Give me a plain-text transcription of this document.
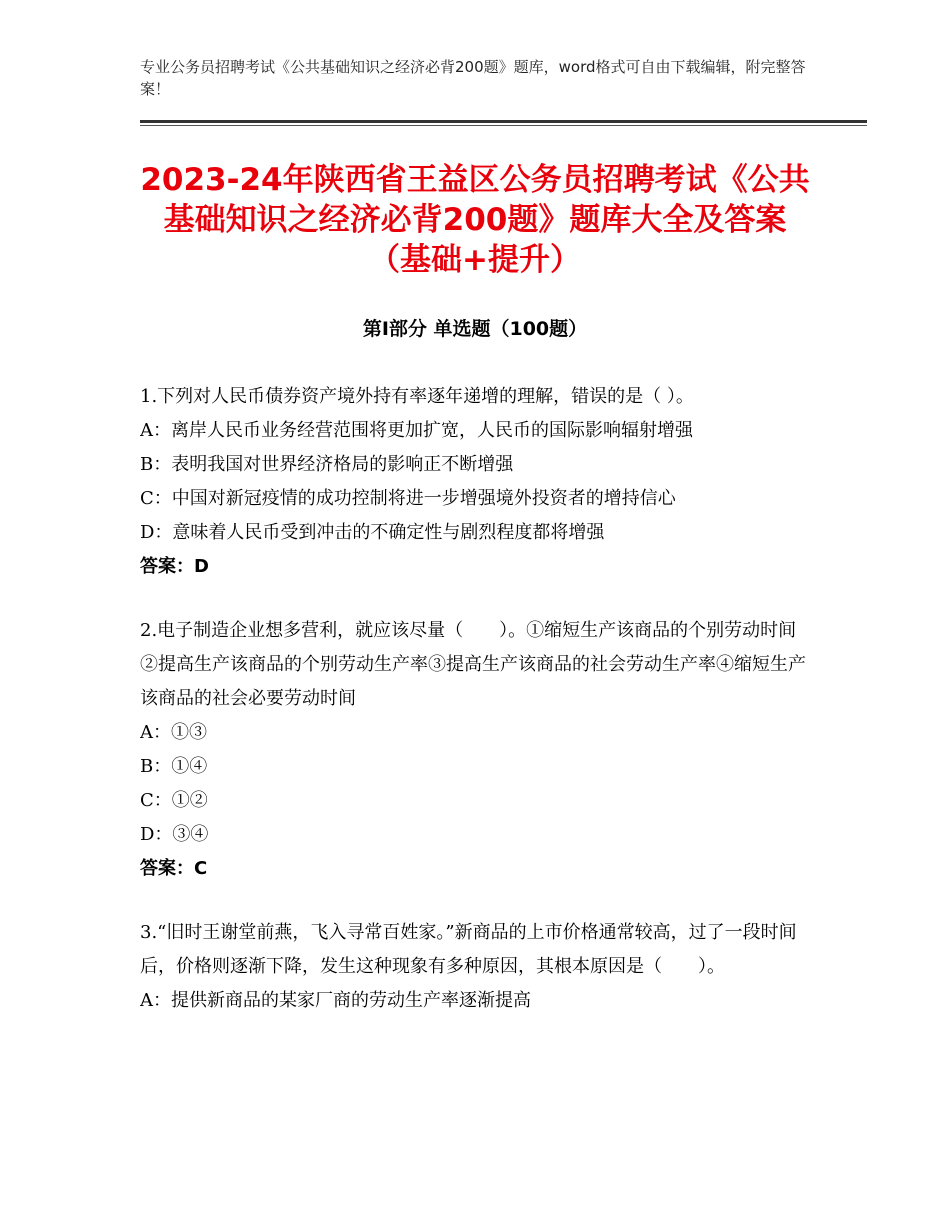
专业公务员招聘考试《公共基础知识之经济必背200题》题库，word格式可自由下载编辑，附完整答案！
2023-24年陕西省王益区公务员招聘考试《公共基础知识之经济必背200题》题库大全及答案（基础+提升）
第Ⅰ部分 单选题（100题）
1.下列对人民币债券资产境外持有率逐年递增的理解，错误的是（ ）。
A：离岸人民币业务经营范围将更加扩宽，人民币的国际影响辐射增强
B：表明我国对世界经济格局的影响正不断增强
C：中国对新冠疫情的成功控制将进一步增强境外投资者的增持信心
D：意味着人民币受到冲击的不确定性与剧烈程度都将增强
答案：D
2.电子制造企业想多营利，就应该尽量（　　）。①缩短生产该商品的个别劳动时间②提高生产该商品的个别劳动生产率③提高生产该商品的社会劳动生产率④缩短生产该商品的社会必要劳动时间
A：①③
B：①④
C：①②
D：③④
答案：C
3.“旧时王谢堂前燕，飞入寻常百姓家。”新商品的上市价格通常较高，过了一段时间后，价格则逐渐下降，发生这种现象有多种原因，其根本原因是（　　）。
A：提供新商品的某家厂商的劳动生产率逐渐提高
